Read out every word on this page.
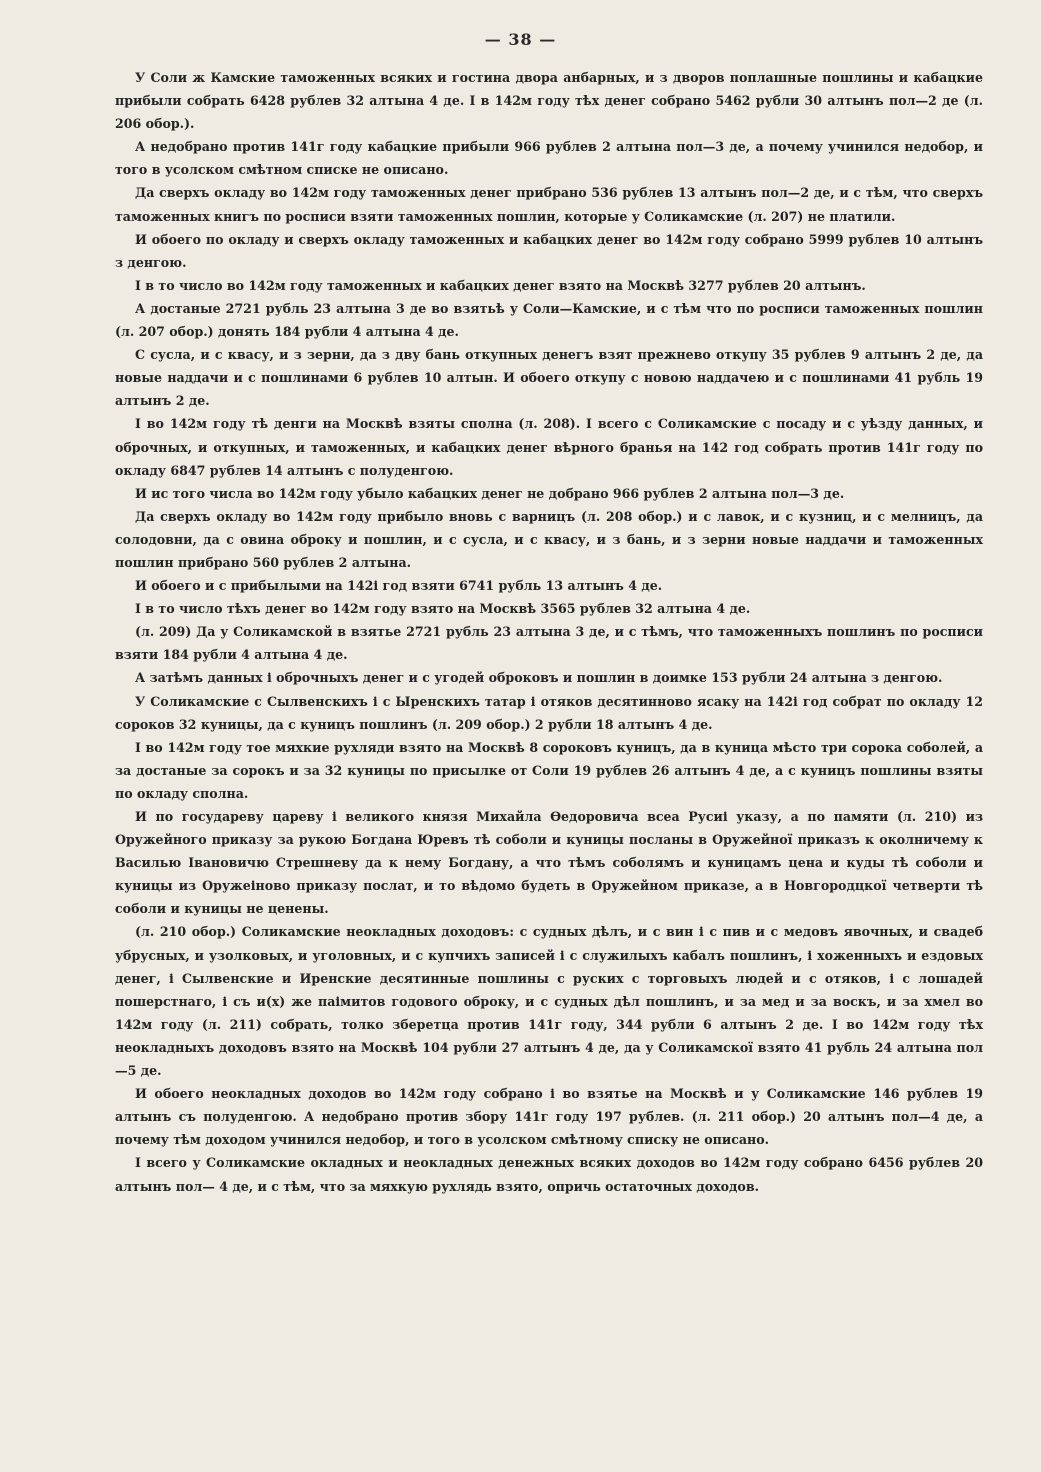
— 38 —

У Соли ж Камские таможенных всяких и гостина двора анбарных, и з дворов поплашные пошлины и кабацкие прибыли собрать 6428 рублев 32 алтына 4 де. І в 142м году тѣх денег собрано 5462 рубли 30 алтынъ пол—2 де (л. 206 обор.).

А недобрано против 141г году кабацкие прибыли 966 рублев 2 алтына пол—3 де, а почему учинился недобор, и того в усолском смѣтном списке не описано.

Да сверхъ окладу во 142м году таможенных денег прибрано 536 рублев 13 алтынъ пол—2 де, и с тѣм, что сверхъ таможенных книгъ по росписи взяти таможенных пошлин, которые у Соликамские (л. 207) не платили.

И обоего по окладу и сверхъ окладу таможенных и кабацких денег во 142м году собрано 5999 рублев 10 алтынъ з денгою.

І в то число во 142м году таможенных и кабацких денег взято на Москвѣ 3277 рублев 20 алтынъ.

А достаные 2721 рубль 23 алтына 3 де во взятьѣ у Соли—Камские, и с тѣм что по росписи таможенных пошлин (л. 207 обор.) донять 184 рубли 4 алтына 4 де.

С сусла, и с квасу, и з зерни, да з дву бань откупных денегъ взят прежнево откупу 35 рублев 9 алтынъ 2 де, да новые наддачи и с пошлинами 6 рублев 10 алтын. И обоего откупу с новою наддачею и с пошлинами 41 рубль 19 алтынъ 2 де.

І во 142м году тѣ денги на Москвѣ взяты сполна (л. 208). І всего с Соликамские с посаду и с уѣзду данных, и оброчных, и откупных, и таможенных, и кабацких денег вѣрного бранья на 142 год собрать против 141г году по окладу 6847 рублев 14 алтынъ с полуденгою.

И ис того числа во 142м году убыло кабацких денег не добрано 966 рублев 2 алтына пол—3 де.

Да сверхъ окладу во 142м году прибыло вновь с варницъ (л. 208 обор.) и с лавок, и с кузниц, и с мелницъ, да солодовни, да с овина оброку и пошлин, и с сусла, и с квасу, и з бань, и з зерни новые наддачи и таможенных пошлин прибрано 560 рублев 2 алтына.

И обоего и с прибылыми на 142і год взяти 6741 рубль 13 алтынъ 4 де.

І в то число тѣхъ денег во 142м году взято на Москвѣ 3565 рублев 32 алтына 4 де.

(л. 209) Да у Соликамской в взятье 2721 рубль 23 алтына 3 де, и с тѣмъ, что таможенныхъ пошлинъ по росписи взяти 184 рубли 4 алтына 4 де.

А затѣмъ данных і оброчныхъ денег и с угодей оброковъ и пошлин в доимке 153 рубли 24 алтына з денгою.

У Соликамские с Сылвенскихъ і с Ыренскихъ татар і отяков десятинново ясаку на 142і год собрат по окладу 12 сороков 32 куницы, да с куницъ пошлинъ (л. 209 обор.) 2 рубли 18 алтынъ 4 де.

І во 142м году тое мяхкие рухляди взято на Москвѣ 8 сороковъ куницъ, да в куница мѣсто три сорока соболей, а за достаные за сорокъ и за 32 куницы по присылке от Соли 19 рублев 26 алтынъ 4 де, а с куницъ пошлины взяты по окладу сполна.

И по государеву цареву і великого князя Михайла Ѳедоровича всеа Русиі указу, а по памяти (л. 210) из Оружейного приказу за рукою Богдана Юревъ тѣ соболи и куницы посланы в Оружейної приказъ к околничему к Василью Івановичю Стрешневу да к нему Богдану, а что тѣмъ соболямъ и куницамъ цена и куды тѣ соболи и куницы из Оружеіново приказу послат, и то вѣдомо будеть в Оружейном приказе, а в Новгородцкої четверти тѣ соболи и куницы не ценены.

(л. 210 обор.) Соликамские неокладных доходовъ: с судных дѣлъ, и с вин і с пив и с медовъ явочных, и свадеб убрусных, и узолковых, и уголовных, и с купчихъ записей і с служилыхъ кабалъ пошлинъ, і хоженныхъ и ездовых денег, і Сылвенские и Иренские десятинные пошлины с руских с торговыхъ людей и с отяков, і с лошадей пошерстнаго, і съ и(х) же паімитов годового оброку, и с судных дѣл пошлинъ, и за мед и за воскъ, и за хмел во 142м году (л. 211) собрать, толко зберетца против 141г году, 344 рубли 6 алтынъ 2 де. І во 142м году тѣх неокладныхъ доходовъ взято на Москвѣ 104 рубли 27 алтынъ 4 де, да у Соликамскої взято 41 рубль 24 алтына пол—5 де.

И обоего неокладных доходов во 142м году собрано і во взятье на Москвѣ и у Соликамские 146 рублев 19 алтынъ съ полуденгою. А недобрано против збору 141г году 197 рублев. (л. 211 обор.) 20 алтынъ пол—4 де, а почему тѣм доходом учинился недобор, и того в усолском смѣтному списку не описано.

І всего у Соликамские окладных и неокладных денежных всяких доходов во 142м году собрано 6456 рублев 20 алтынъ пол— 4 де, и с тѣм, что за мяхкую рухлядь взято, опричь остаточных доходов.
